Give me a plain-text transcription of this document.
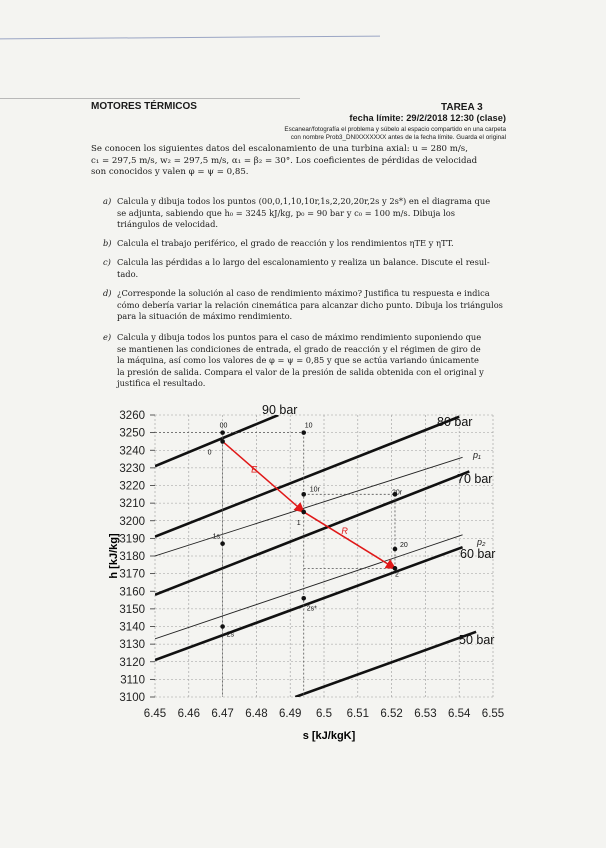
MOTORES TÉRMICOS	TAREA 3
fecha límite: 29/2/2018 12:30 (clase)
Escanear/fotografía el problema y súbelo al espacio compartido en una carpeta
con nombre Prob3_DNIXXXXXXX antes de la fecha límite. Guarda el original
Se conocen los siguientes datos del escalonamiento de una turbina axial: u = 280 m/s,
c₁ = 297,5 m/s, w₂ = 297,5 m/s, α₁ = β₂ = 30°. Los coeficientes de pérdidas de velocidad
son conocidos y valen φ = ψ = 0,85.
a) Calcula y dibuja todos los puntos (00,0,1,10,10r,1s,2,20,20r,2s y 2s*) en el diagrama que
se adjunta, sabiendo que h₀ = 3245 kJ/kg, p₀ = 90 bar y c₀ = 100 m/s. Dibuja los
triángulos de velocidad.
b) Calcula el trabajo periférico, el grado de reacción y los rendimientos ηTE y ηTT.
c) Calcula las pérdidas a lo largo del escalonamiento y realiza un balance. Discute el resul-
tado.
d) ¿Corresponde la solución al caso de rendimiento máximo? Justifica tu respuesta e indica
cómo debería variar la relación cinemática para alcanzar dicho punto. Dibuja los triángulos
para la situación de máximo rendimiento.
e) Calcula y dibuja todos los puntos para el caso de máximo rendimiento suponiendo que
se mantienen las condiciones de entrada, el grado de reacción y el régimen de giro de
la máquina, así como los valores de φ = ψ = 0,85 y que se actúa variando únicamente
la presión de salida. Compara el valor de la presión de salida obtenida con el original y
justifica el resultado.
3100
3110
3120
3130
3140
3150
3160
3170
3180
3190
3200
3210
3220
3230
3240
3250
3260
6.45 6.46 6.47 6.48 6.49 6.5 6.51 6.52 6.53 6.54 6.55
s [kJ/kgK]
h [kJ/kg]
90 bar
80 bar
70 bar
60 bar
50 bar
p₁
p₂
E
R
00
0
10
10r
1
1s
20r
20
2
2s*
2s
